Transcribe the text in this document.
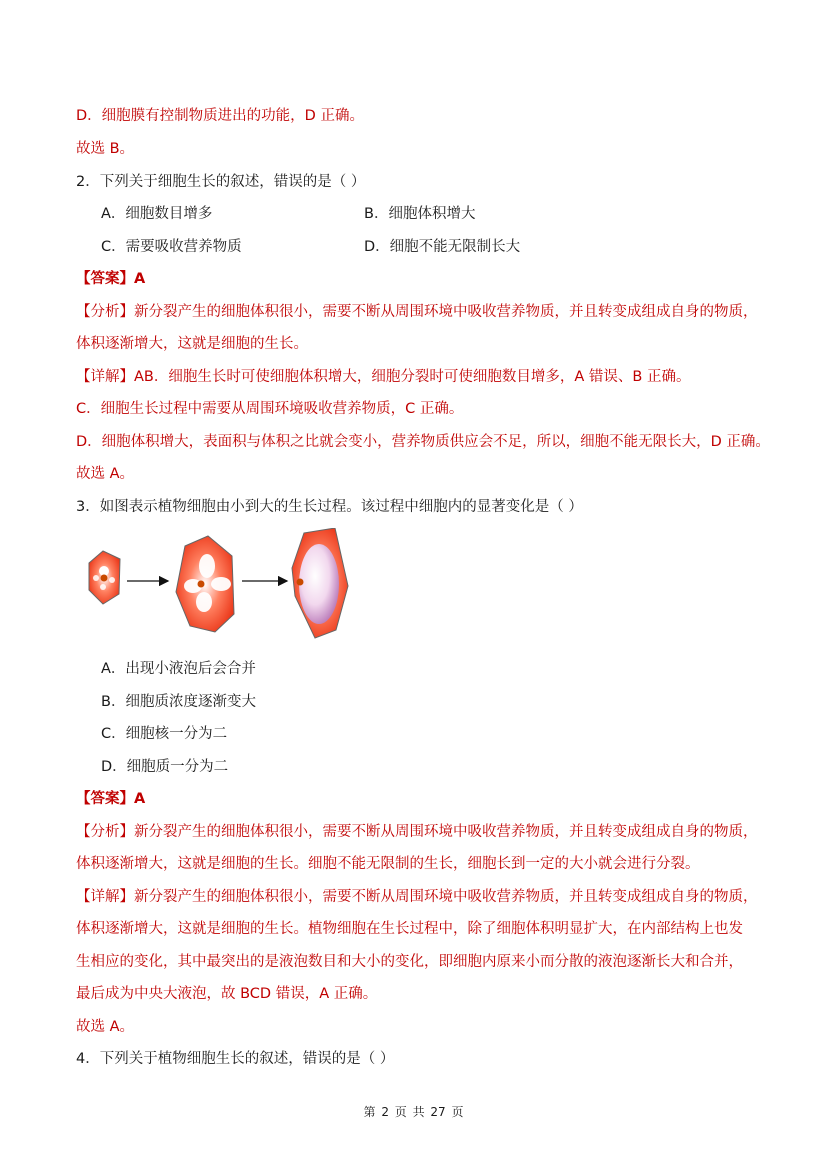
D．细胞膜有控制物质进出的功能，D 正确。
故选 B。
2．下列关于细胞生长的叙述，错误的是（ ）
A．细胞数目增多	B．细胞体积增大
C．需要吸收营养物质	D．细胞不能无限制长大
【答案】A
【分析】新分裂产生的细胞体积很小，需要不断从周围环境中吸收营养物质，并且转变成组成自身的物质，
体积逐渐增大，这就是细胞的生长。
【详解】AB．细胞生长时可使细胞体积增大，细胞分裂时可使细胞数目增多，A 错误、B 正确。
C．细胞生长过程中需要从周围环境吸收营养物质，C 正确。
D．细胞体积增大，表面积与体积之比就会变小，营养物质供应会不足，所以，细胞不能无限长大，D 正确。
故选 A。
3．如图表示植物细胞由小到大的生长过程。该过程中细胞内的显著变化是（ ）
A．出现小液泡后会合并
B．细胞质浓度逐渐变大
C．细胞核一分为二
D．细胞质一分为二
【答案】A
【分析】新分裂产生的细胞体积很小，需要不断从周围环境中吸收营养物质，并且转变成组成自身的物质，
体积逐渐增大，这就是细胞的生长。细胞不能无限制的生长，细胞长到一定的大小就会进行分裂。
【详解】新分裂产生的细胞体积很小，需要不断从周围环境中吸收营养物质，并且转变成组成自身的物质，
体积逐渐增大，这就是细胞的生长。植物细胞在生长过程中，除了细胞体积明显扩大，在内部结构上也发
生相应的变化，其中最突出的是液泡数目和大小的变化，即细胞内原来小而分散的液泡逐渐长大和合并，
最后成为中央大液泡，故 BCD 错误，A 正确。
故选 A。
4．下列关于植物细胞生长的叙述，错误的是（ ）
第 2 页 共 27 页
